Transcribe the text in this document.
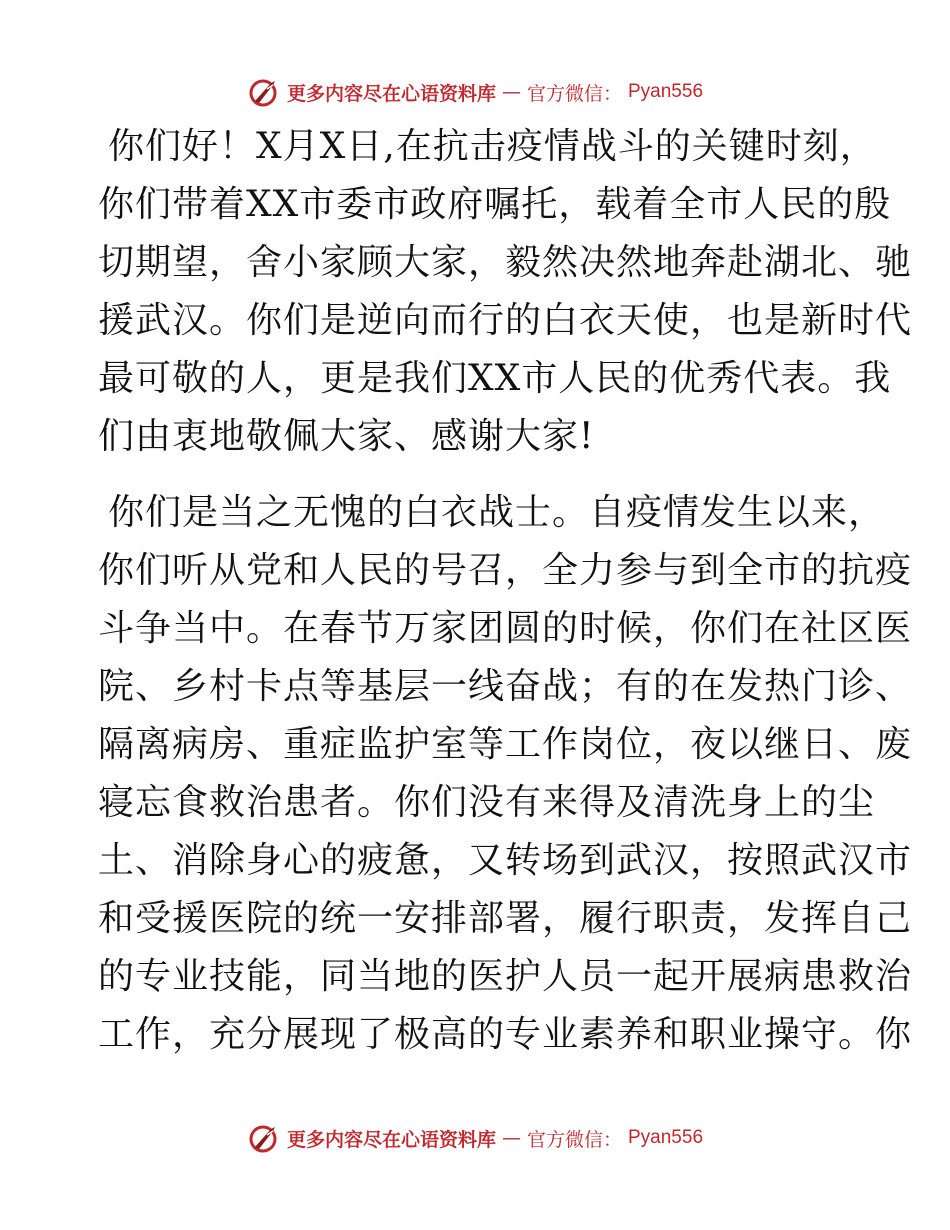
更多内容尽在心语资料库 — 官方微信： Pyan556
你们好！X月X日,在抗击疫情战斗的关键时刻，
你们带着XX市委市政府嘱托，载着全市人民的殷
切期望，舍小家顾大家，毅然决然地奔赴湖北、驰
援武汉。你们是逆向而行的白衣天使，也是新时代
最可敬的人，更是我们XX市人民的优秀代表。我
们由衷地敬佩大家、感谢大家!
你们是当之无愧的白衣战士。自疫情发生以来，
你们听从党和人民的号召，全力参与到全市的抗疫
斗争当中。在春节万家团圆的时候，你们在社区医
院、乡村卡点等基层一线奋战；有的在发热门诊、
隔离病房、重症监护室等工作岗位，夜以继日、废
寝忘食救治患者。你们没有来得及清洗身上的尘
土、消除身心的疲惫，又转场到武汉，按照武汉市
和受援医院的统一安排部署，履行职责，发挥自己
的专业技能，同当地的医护人员一起开展病患救治
工作，充分展现了极高的专业素养和职业操守。你
更多内容尽在心语资料库 — 官方微信： Pyan556
